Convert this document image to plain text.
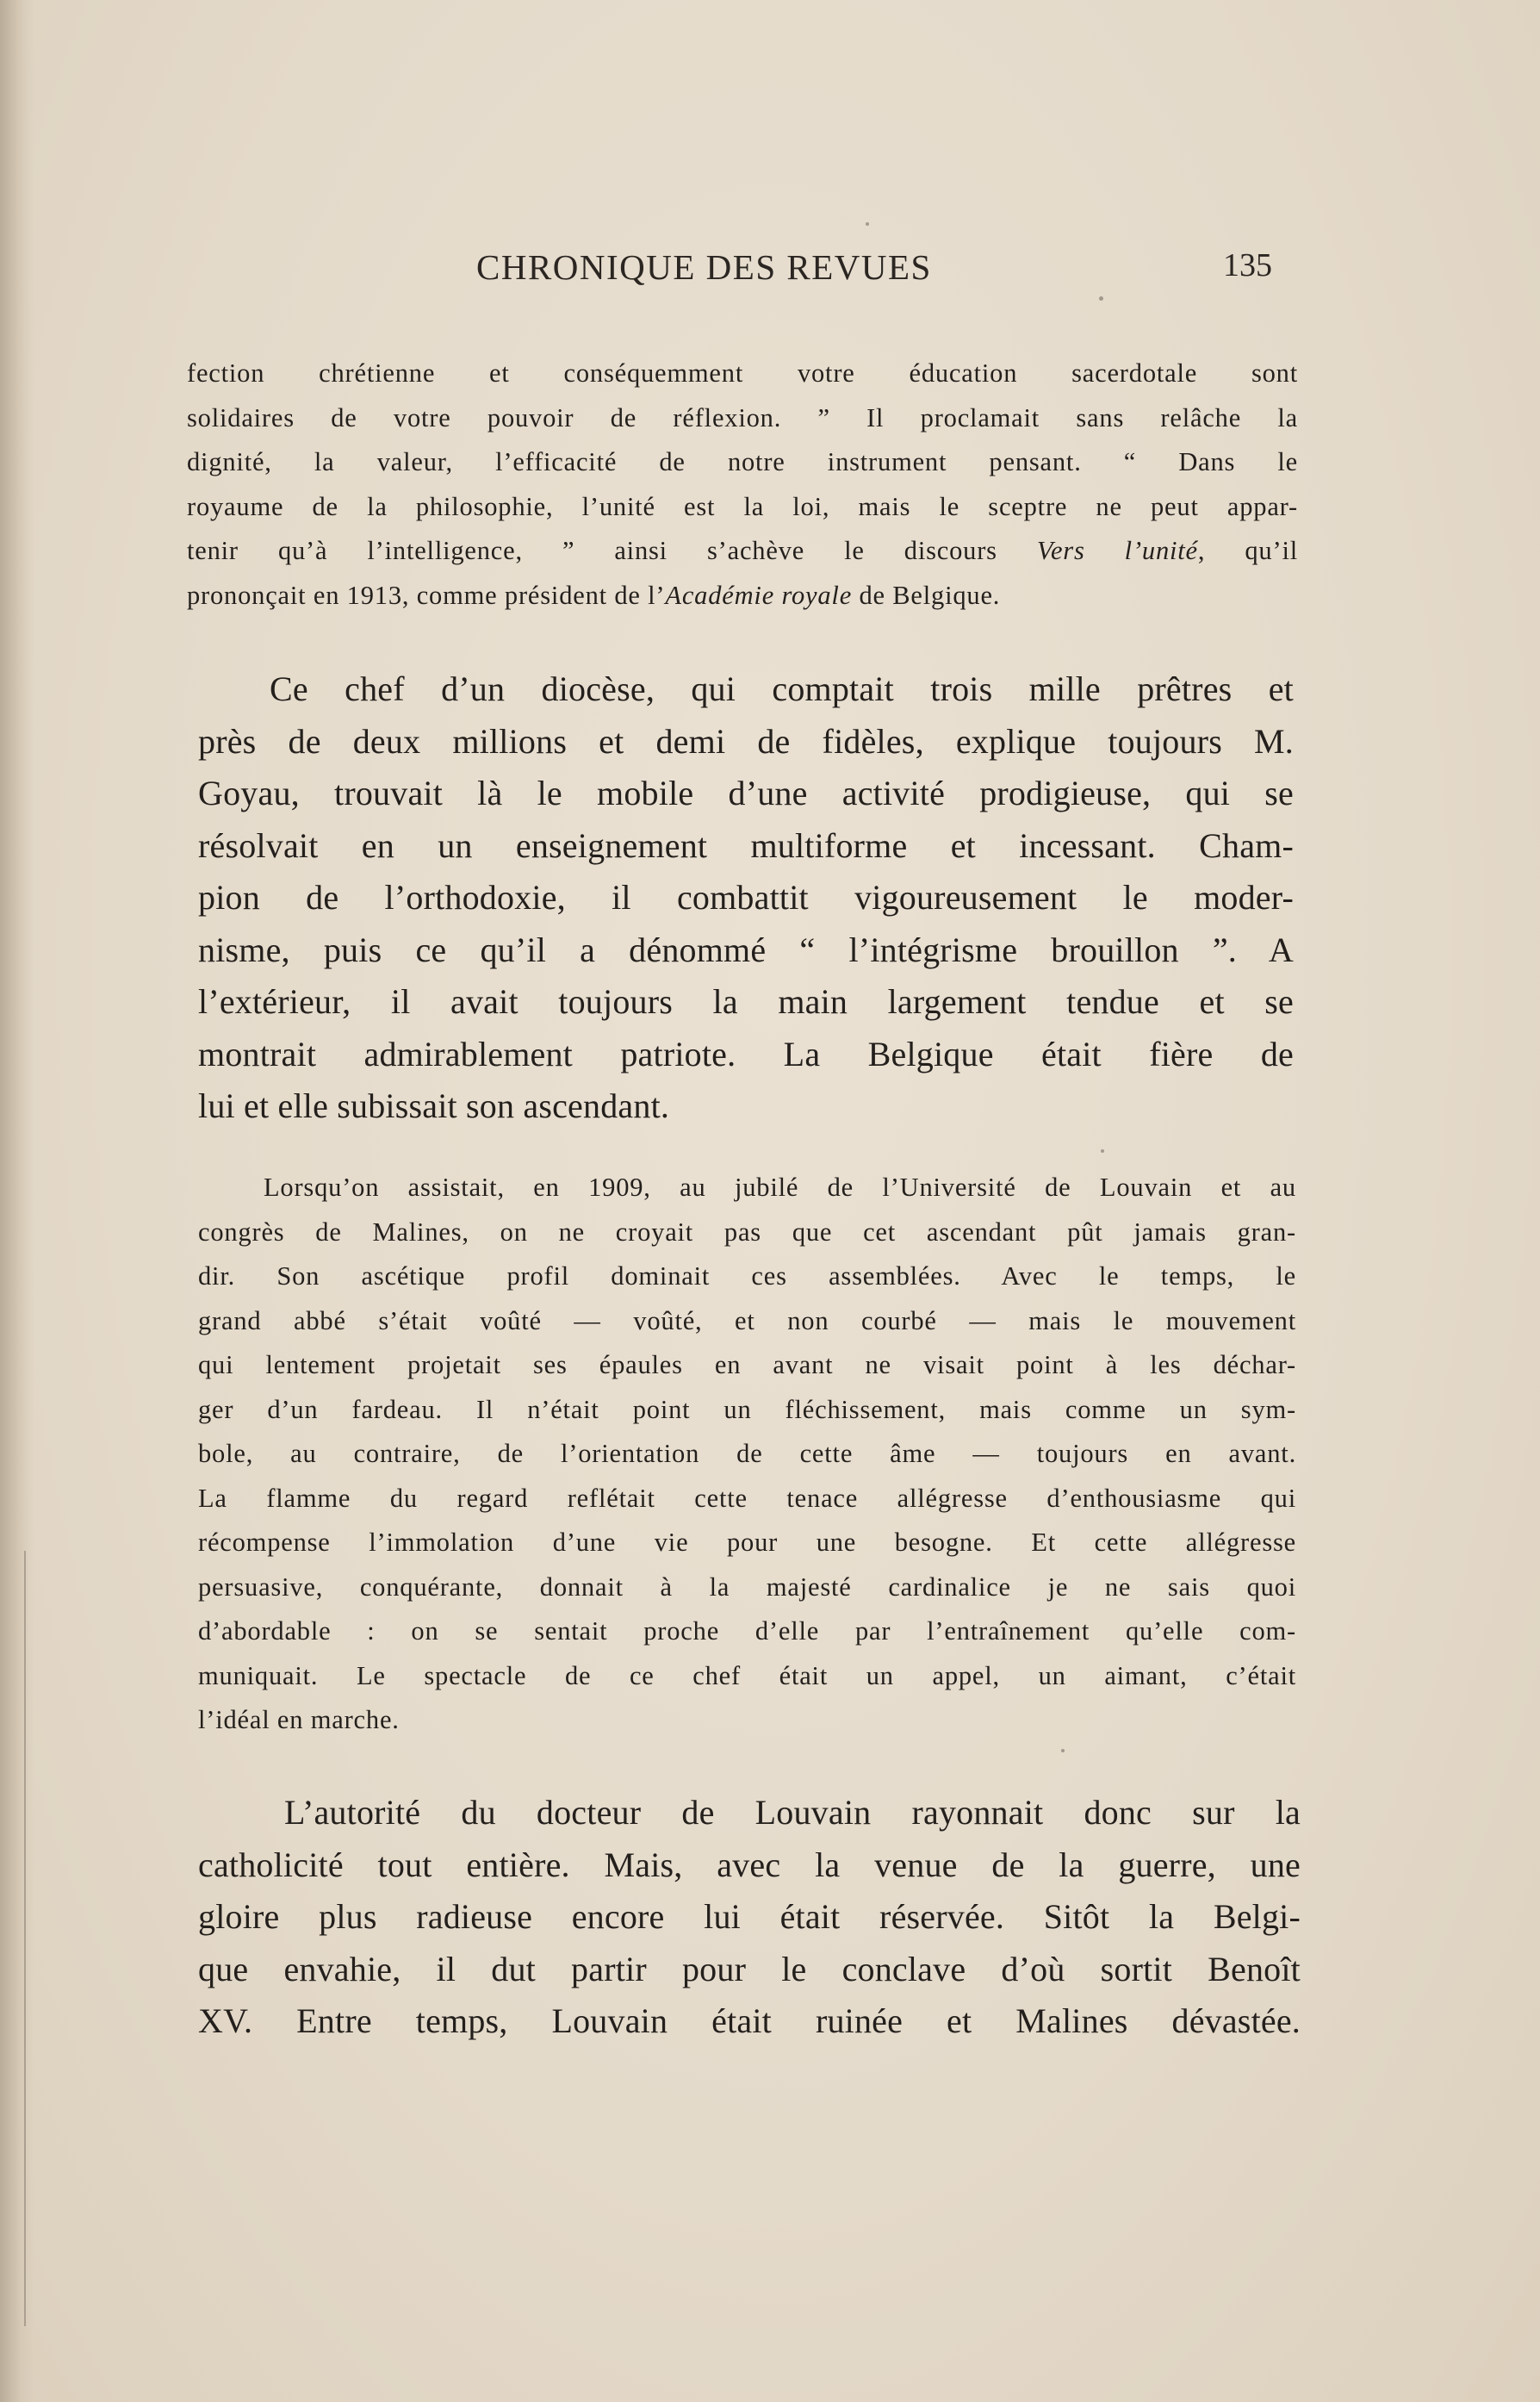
CHRONIQUE DES REVUES	135
fection chrétienne et conséquemment votre éducation sacerdotale sont
solidaires de votre pouvoir de réflexion. ” Il proclamait sans relâche la
dignité, la valeur, l’efficacité de notre instrument pensant. “ Dans le
royaume de la philosophie, l’unité est la loi, mais le sceptre ne peut appar-
tenir qu’à l’intelligence, ” ainsi s’achève le discours Vers l’unité, qu’il
prononçait en 1913, comme président de l’Académie royale de Belgique.
Ce chef d’un diocèse, qui comptait trois mille prêtres et
près de deux millions et demi de fidèles, explique toujours M.
Goyau, trouvait là le mobile d’une activité prodigieuse, qui se
résolvait en un enseignement multiforme et incessant. Cham-
pion de l’orthodoxie, il combattit vigoureusement le moder-
nisme, puis ce qu’il a dénommé “ l’intégrisme brouillon ”. A
l’extérieur, il avait toujours la main largement tendue et se
montrait admirablement patriote. La Belgique était fière de
lui et elle subissait son ascendant.
Lorsqu’on assistait, en 1909, au jubilé de l’Université de Louvain et au
congrès de Malines, on ne croyait pas que cet ascendant pût jamais gran-
dir. Son ascétique profil dominait ces assemblées. Avec le temps, le
grand abbé s’était voûté — voûté, et non courbé — mais le mouvement
qui lentement projetait ses épaules en avant ne visait point à les déchar-
ger d’un fardeau. Il n’était point un fléchissement, mais comme un sym-
bole, au contraire, de l’orientation de cette âme — toujours en avant.
La flamme du regard reflétait cette tenace allégresse d’enthousiasme qui
récompense l’immolation d’une vie pour une besogne. Et cette allégresse
persuasive, conquérante, donnait à la majesté cardinalice je ne sais quoi
d’abordable : on se sentait proche d’elle par l’entraînement qu’elle com-
muniquait. Le spectacle de ce chef était un appel, un aimant, c’était
l’idéal en marche.
L’autorité du docteur de Louvain rayonnait donc sur la
catholicité tout entière. Mais, avec la venue de la guerre, une
gloire plus radieuse encore lui était réservée. Sitôt la Belgi-
que envahie, il dut partir pour le conclave d’où sortit Benoît
XV. Entre temps, Louvain était ruinée et Malines dévastée.
